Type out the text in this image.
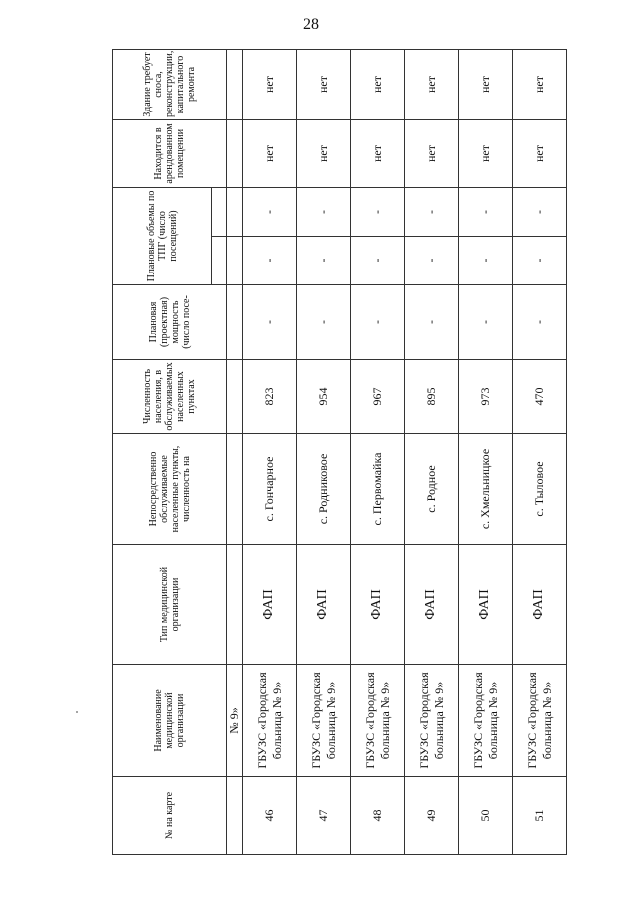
28
№ на карте	Наименование медицинской организации	Тип медицинской организации	Непосредственно обслуживаемые населенные пункты, численность на	Численность населения, в обслуживаемых населенных пунктах	Плановая (проектная) мощность (число посе-	Плановые объемы по ТПГ (число посещений)		Находится в арендованном помещении	Здание требует сноса, реконструкции, капитального ремонта

	№ 9»								
46	ГБУЗС «Городская больница № 9»	ФАП	с. Гончарное	823	-	-	-	нет	нет
47	ГБУЗС «Городская больница № 9»	ФАП	с. Родниковое	954	-	-	-	нет	нет
48	ГБУЗС «Городская больница № 9»	ФАП	с. Первомайка	967	-	-	-	нет	нет
49	ГБУЗС «Городская больница № 9»	ФАП	с. Родное	895	-	-	-	нет	нет
50	ГБУЗС «Городская больница № 9»	ФАП	с. Хмельницкое	973	-	-	-	нет	нет
51	ГБУЗС «Городская больница № 9»	ФАП	с. Тыловое	470	-	-	-	нет	нет
